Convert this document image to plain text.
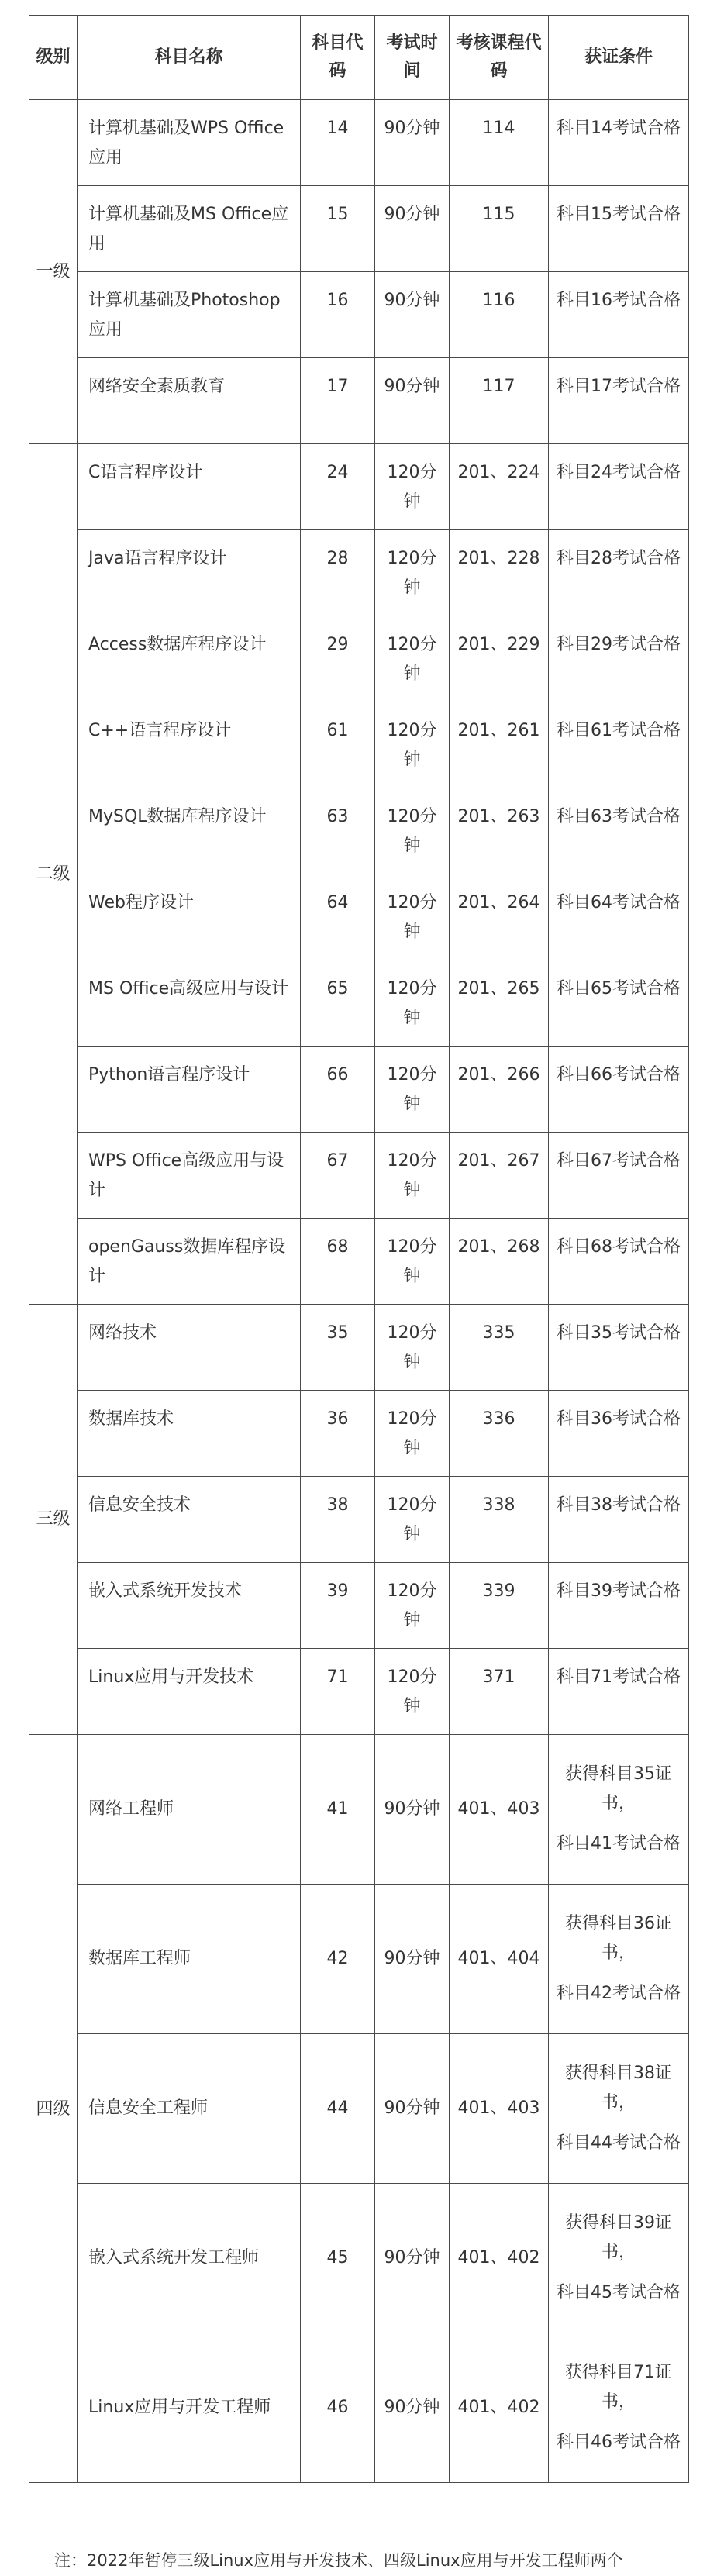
级别	科目名称	科目代码	考试时间	考核课程代码	获证条件
一级	计算机基础及WPS Office应用	14	90分钟	114	科目14考试合格

	计算机基础及MS Office应用	15	90分钟	115	科目15考试合格

	计算机基础及Photoshop应用	16	90分钟	116	科目16考试合格

	网络安全素质教育	17	90分钟	117	科目17考试合格

二级	C语言程序设计	24	120分钟	201、224	科目24考试合格

	Java语言程序设计	28	120分钟	201、228	科目28考试合格

	Access数据库程序设计	29	120分钟	201、229	科目29考试合格

	C++语言程序设计	61	120分钟	201、261	科目61考试合格

	MySQL数据库程序设计	63	120分钟	201、263	科目63考试合格

	Web程序设计	64	120分钟	201、264	科目64考试合格

	MS Office高级应用与设计	65	120分钟	201、265	科目65考试合格

	Python语言程序设计	66	120分钟	201、266	科目66考试合格

	WPS Office高级应用与设计	67	120分钟	201、267	科目67考试合格

	openGauss数据库程序设计	68	120分钟	201、268	科目68考试合格

三级	网络技术	35	120分钟	335	科目35考试合格

	数据库技术	36	120分钟	336	科目36考试合格

	信息安全技术	38	120分钟	338	科目38考试合格

	嵌入式系统开发技术	39	120分钟	339	科目39考试合格

	Linux应用与开发技术	71	120分钟	371	科目71考试合格

四级	网络工程师	41	90分钟	401、403	获得科目35证书，
科目41考试合格

	数据库工程师	42	90分钟	401、404	获得科目36证书，
科目42考试合格

	信息安全工程师	44	90分钟	401、403	获得科目38证书，
科目44考试合格

	嵌入式系统开发工程师	45	90分钟	401、402	获得科目39证书，
科目45考试合格

	Linux应用与开发工程师	46	90分钟	401、402	获得科目71证书，
科目46考试合格
注：2022年暂停三级Linux应用与开发技术、四级Linux应用与开发工程师两个
